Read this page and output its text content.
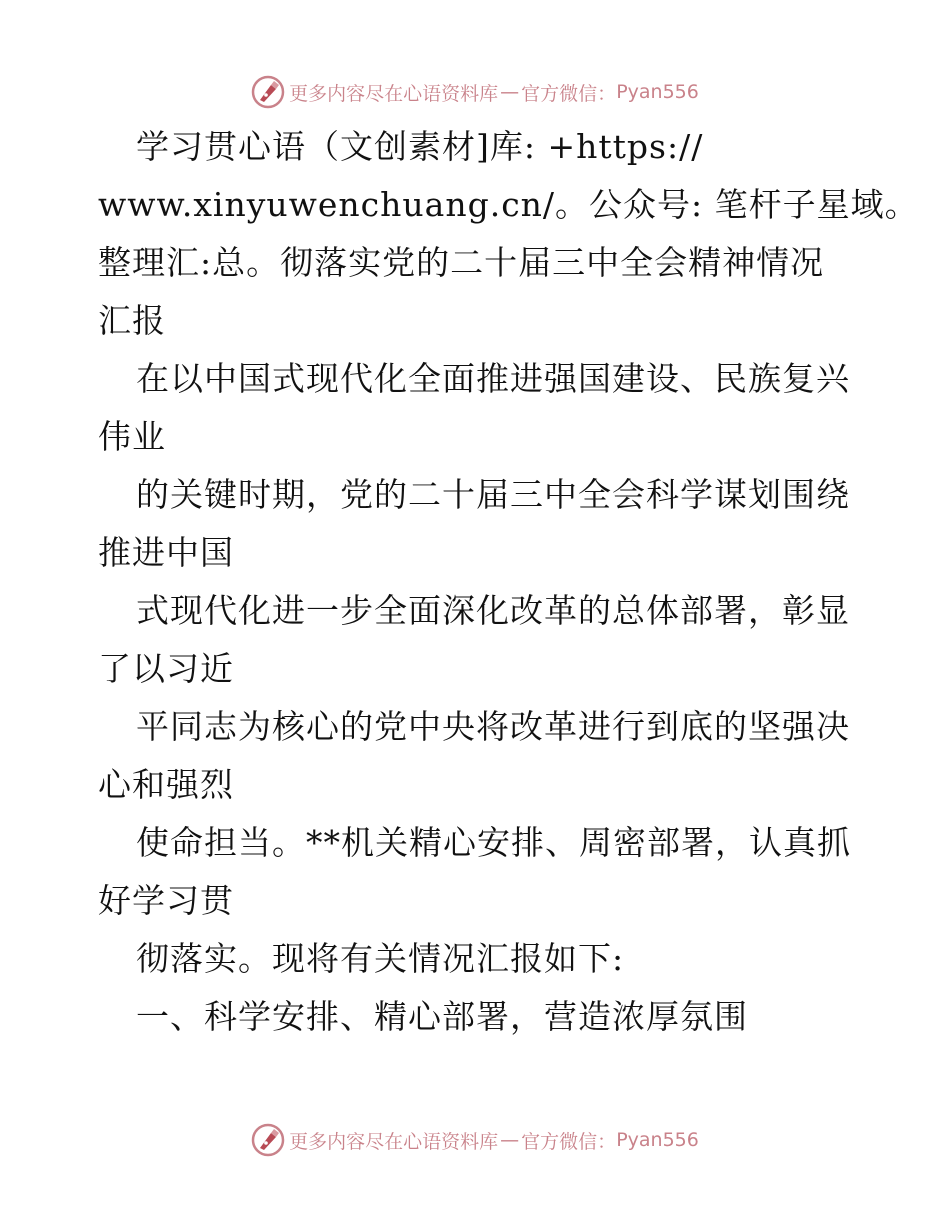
更多内容尽在心语资料库 — 官方微信： Pyan556
学习贯心语（文创素材]库: +https://
www.xinyuwenchuang.cn/。公众号: 笔杆子星域。
整理汇:总。彻落实党的二十届三中全会精神情况
汇报
在以中国式现代化全面推进强国建设、民族复兴
伟业
的关键时期，党的二十届三中全会科学谋划围绕
推进中国
式现代化进一步全面深化改革的总体部署，彰显
了以习近
平同志为核心的党中央将改革进行到底的坚强决
心和强烈
使命担当。**机关精心安排、周密部署，认真抓
好学习贯
彻落实。现将有关情况汇报如下:
一、科学安排、精心部署，营造浓厚氛围
更多内容尽在心语资料库 — 官方微信： Pyan556
